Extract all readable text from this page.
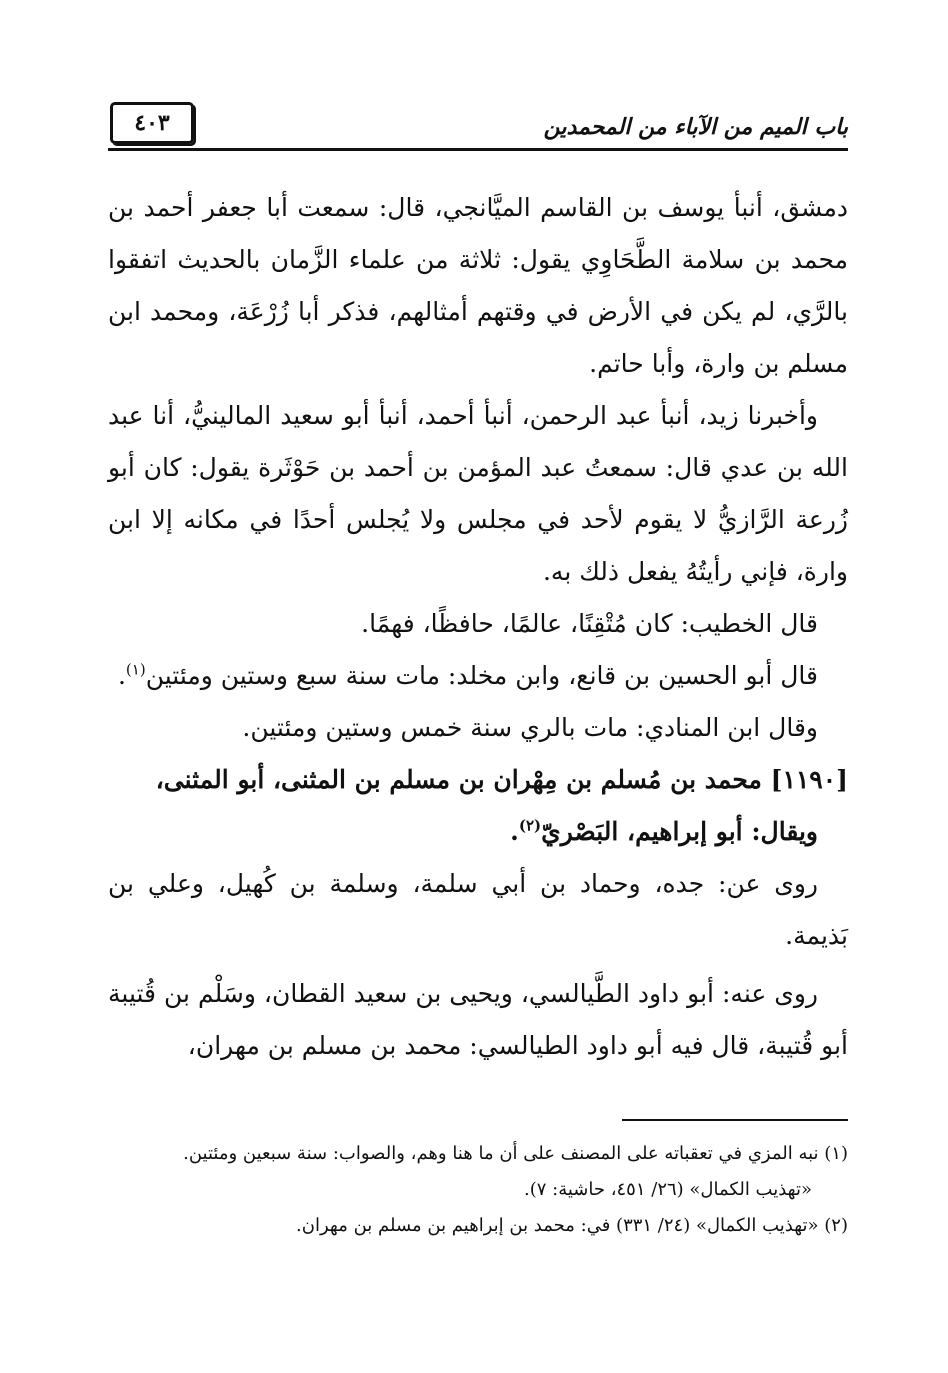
باب الميم من الآباء من المحمدين
٤٠٣

دمشق، أنبأ يوسف بن القاسم الميَّانجي، قال: سمعت أبا جعفر أحمد بن محمد بن سلامة الطَّحَاوِي يقول: ثلاثة من علماء الزَّمان بالحديث اتفقوا بالرَّي، لم يكن في الأرض في وقتهم أمثالهم، فذكر أبا زُرْعَة، ومحمد ابن مسلم بن وارة، وأبا حاتم.

وأخبرنا زيد، أنبأ عبد الرحمن، أنبأ أحمد، أنبأ أبو سعيد المالينيُّ، أنا عبد الله بن عدي قال: سمعتُ عبد المؤمن بن أحمد بن حَوْثَرة يقول: كان أبو زُرعة الرَّازيُّ لا يقوم لأحد في مجلس ولا يُجلس أحدًا في مكانه إلا ابن وارة، فإني رأيتُهُ يفعل ذلك به.

قال الخطيب: كان مُتْقِنًا، عالمًا، حافظًا، فهمًا.

قال أبو الحسين بن قانع، وابن مخلد: مات سنة سبع وستين ومئتين$^{(١)}$.

وقال ابن المنادي: مات بالري سنة خمس وستين ومئتين.

[١١٩٠] محمد بن مُسلم بن مِهْران بن مسلم بن المثنى، أبو المثنى،
ويقال: أبو إبراهيم، البَصْريّ$^{(٢)}$.

روى عن: جده، وحماد بن أبي سلمة، وسلمة بن كُهيل، وعلي بن بَذيمة.

روى عنه: أبو داود الطَّيالسي، ويحيى بن سعيد القطان، وسَلْم بن قُتيبة أبو قُتيبة، قال فيه أبو داود الطيالسي: محمد بن مسلم بن مهران،

(١) نبه المزي في تعقباته على المصنف على أن ما هنا وهم، والصواب: سنة سبعين ومئتين.

«تهذيب الكمال» (٢٦/ ٤٥١، حاشية: ٧).

(٢) «تهذيب الكمال» (٢٤/ ٣٣١) في: محمد بن إبراهيم بن مسلم بن مهران.
